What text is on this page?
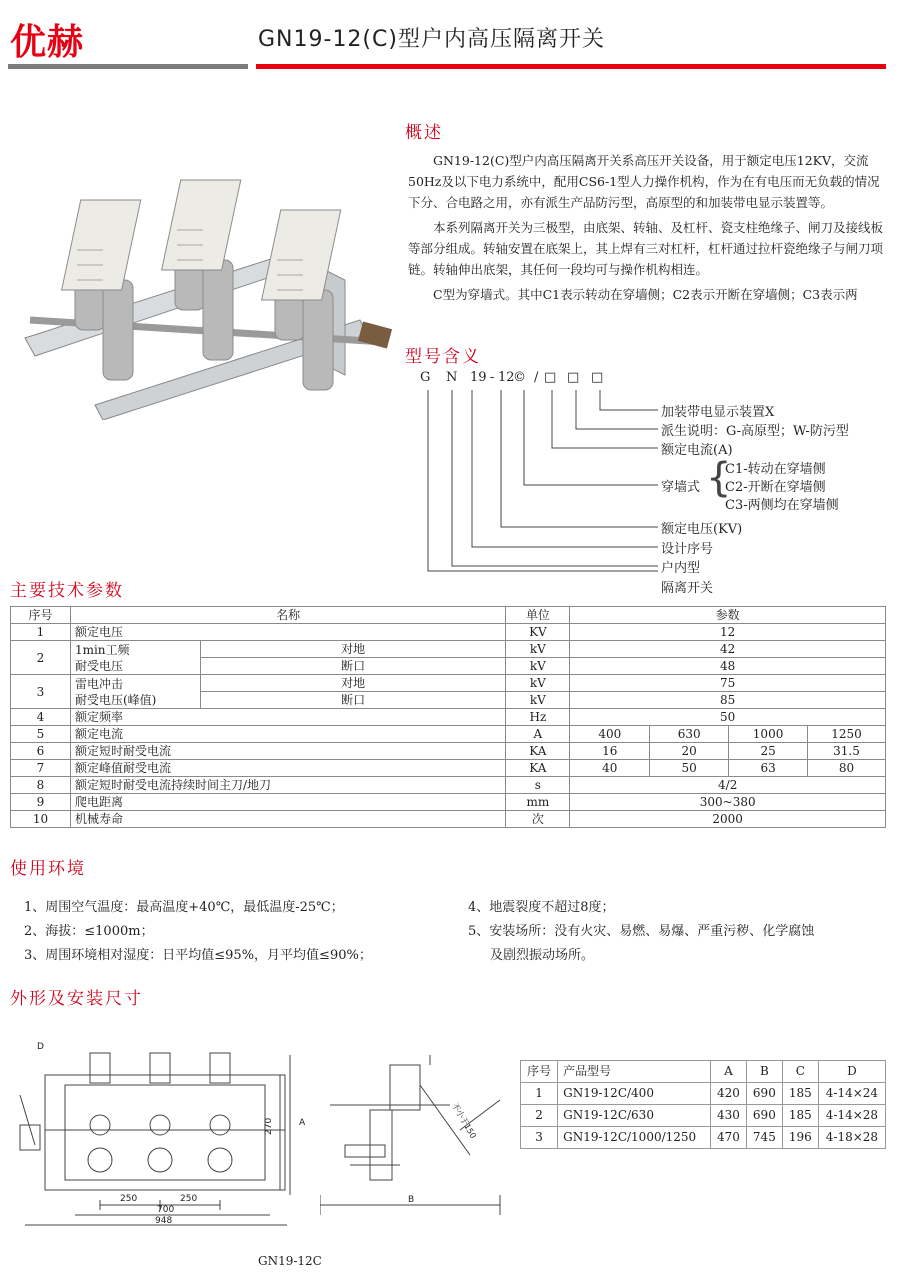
优赫	GN19-12(C)型户内高压隔离开关
概述

GN19-12(C)型户内高压隔离开关系高压开关设备，用于额定电压12KV，交流50Hz及以下电力系统中，配用CS6-1型人力操作机构，作为在有电压而无负载的情况下分、合电路之用，亦有派生产品防污型，高原型的和加装带电显示装置等。

本系列隔离开关为三极型，由底架、转轴、及杠杆、瓷支柱绝缘子、闸刀及接线板等部分组成。转轴安置在底架上，其上焊有三对杠杆，杠杆通过拉杆瓷绝缘子与闸刀项链。转轴伸出底架，其任何一段均可与操作机构相连。

C型为穿墙式。其中C1表示转动在穿墙侧；C2表示开断在穿墙侧；C3表示两

型号含义
G N 19 - 12
© / □ □ □
加装带电显示装置X
派生说明：G-高原型；W-防污型
额定电流(A)
穿墙式 {
C1-转动在穿墙侧
C2-开断在穿墙侧
C3-两侧均在穿墙侧
额定电压(KV)
设计序号
户内型
隔离开关
主要技术参数
序号	名称		单位	参数			
1	额定电压		KV	12			
2	1min工频
耐受电压	对地	kV	42			
		断口	kV	48			
3	雷电冲击
耐受电压(峰值)	对地	kV	75			
		断口	kV	85			
4	额定频率		Hz	50			
5	额定电流		A	400	630	1000	1250
6	额定短时耐受电流		KA	16	20	25	31.5
7	额定峰值耐受电流		KA	40	50	63	80
8	额定短时耐受电流持续时间主刀/地刀		s	4/2			
9	爬电距离		mm	300~380			
10	机械寿命		次	2000			
使用环境
1、周围空气温度：最高温度+40℃，最低温度-25℃；
2、海拔：≤1000m；
3、周围环境相对湿度：日平均值≤95%，月平均值≤90%；
4、地震裂度不超过8度；
5、安装场所：没有火灾、易燃、易爆、严重污秽、化学腐蚀
及剧烈振动场所。
外形及安装尺寸
D
250	250
700
948
270	A	不小于150
B
GN19-12C
序号	产品型号	A	B	C	D
1	GN19-12C/400	420	690	185	4-14×24
2	GN19-12C/630	430	690	185	4-14×28
3	GN19-12C/1000/1250	470	745	196	4-18×28
